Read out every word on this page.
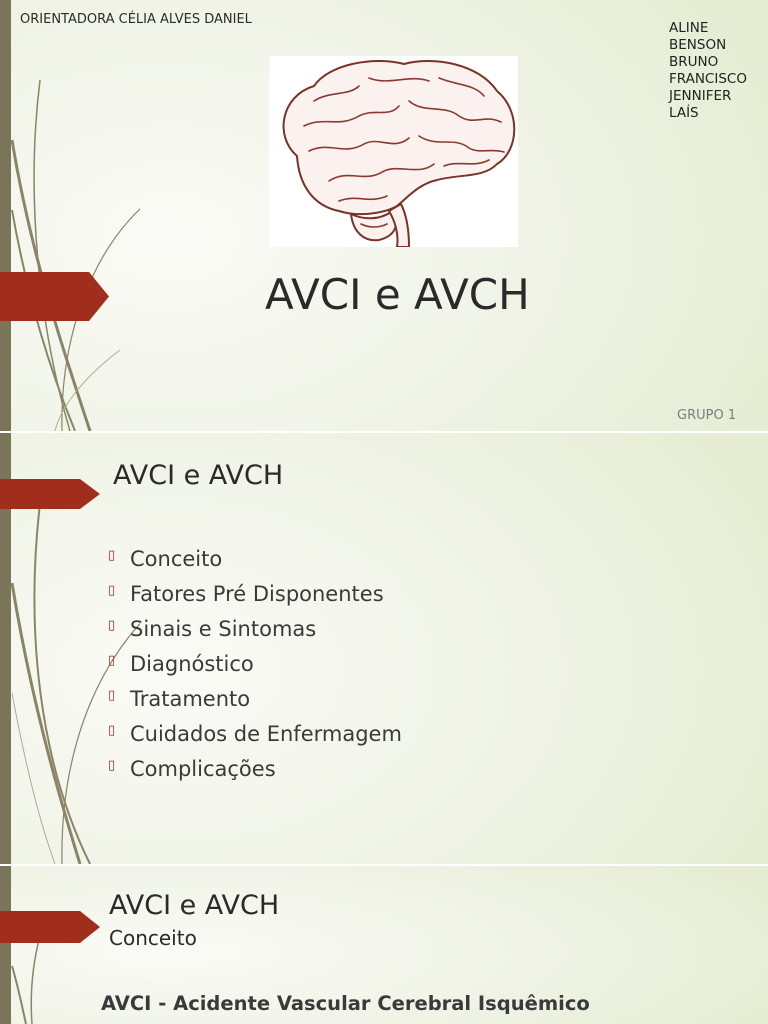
ORIENTADORA CÉLIA ALVES DANIEL

ALINE
BENSON
BRUNO
FRANCISCO
JENNIFER
LAÍS

AVCI e AVCH

GRUPO 1

AVCI e AVCH

▯ Conceito
▯ Fatores Pré Disponentes
▯ Sinais e Sintomas
▯ Diagnóstico
▯ Tratamento
▯ Cuidados de Enfermagem
▯ Complicações

AVCI e AVCH

Conceito

AVCI - Acidente Vascular Cerebral Isquêmico
